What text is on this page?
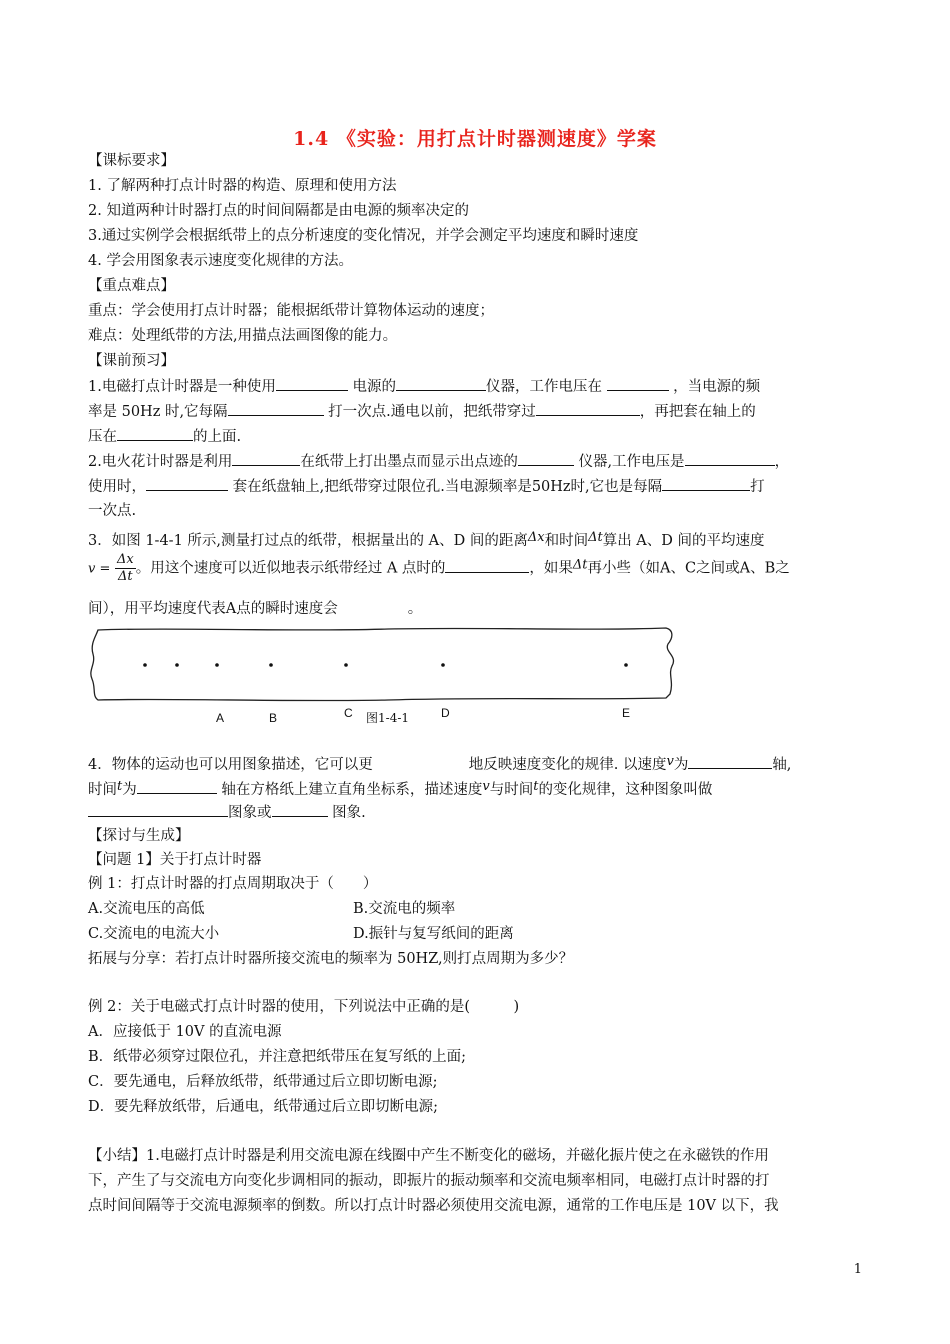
1.4 《实验：用打点计时器测速度》学案
【课标要求】
1. 了解两种打点计时器的构造、原理和使用方法
2. 知道两种计时器打点的时间间隔都是由电源的频率决定的
3.通过实例学会根据纸带上的点分析速度的变化情况，并学会测定平均速度和瞬时速度
4. 学会用图象表示速度变化规律的方法。
【重点难点】
重点：学会使用打点计时器；能根据纸带计算物体运动的速度；
难点：处理纸带的方法,用描点法画图像的能力。
【课前预习】
1.电磁打点计时器是一种使用	电源的	仪器，工作电压在	，当电源的频
率是 50Hz 时,它每隔	打一次点.通电以前，把纸带穿过	，再把套在轴上的
压在	的上面.
2.电火花计时器是利用	在纸带上打出墨点而显示出点迹的	仪器,工作电压是	，
使用时，	套在纸盘轴上,把纸带穿过限位孔.当电源频率是50Hz时,它也是每隔	打
一次点.
3．如图 1-4-1 所示,测量打过点的纸带，根据量出的 A、D 间的距离Δx和时间Δt算出 A、D 间的平均速度
$v = \frac{\Delta x}{\Delta t}$。用这个速度可以近似地表示纸带经过 A 点时的	，如果Δt再小些（如A、C之间或A、B之
间），用平均速度代表A点的瞬时速度会	。
A	B	C 图1-4-1	D	E
4．物体的运动也可以用图象描述，它可以更	地反映速度变化的规律. 以速度v为	轴,
时间t为	轴在方格纸上建立直角坐标系，描述速度v与时间t的变化规律，这种图象叫做
图象或	图象.
【探讨与生成】
【问题 1】关于打点计时器
例 1：打点计时器的打点周期取决于（　　）
A.交流电压的高低	B.交流电的频率
C.交流电的电流大小	D.振针与复写纸间的距离
拓展与分享：若打点计时器所接交流电的频率为 50HZ,则打点周期为多少？
例 2：关于电磁式打点计时器的使用，下列说法中正确的是(　　　)
A．应接低于 10V 的直流电源
B．纸带必须穿过限位孔，并注意把纸带压在复写纸的上面;
C．要先通电，后释放纸带，纸带通过后立即切断电源;
D．要先释放纸带，后通电，纸带通过后立即切断电源;
【小结】1.电磁打点计时器是利用交流电源在线圈中产生不断变化的磁场，并磁化振片使之在永磁铁的作用
下，产生了与交流电方向变化步调相同的振动，即振片的振动频率和交流电频率相同，电磁打点计时器的打
点时间间隔等于交流电源频率的倒数。所以打点计时器必须使用交流电源，通常的工作电压是 10V 以下，我
1
